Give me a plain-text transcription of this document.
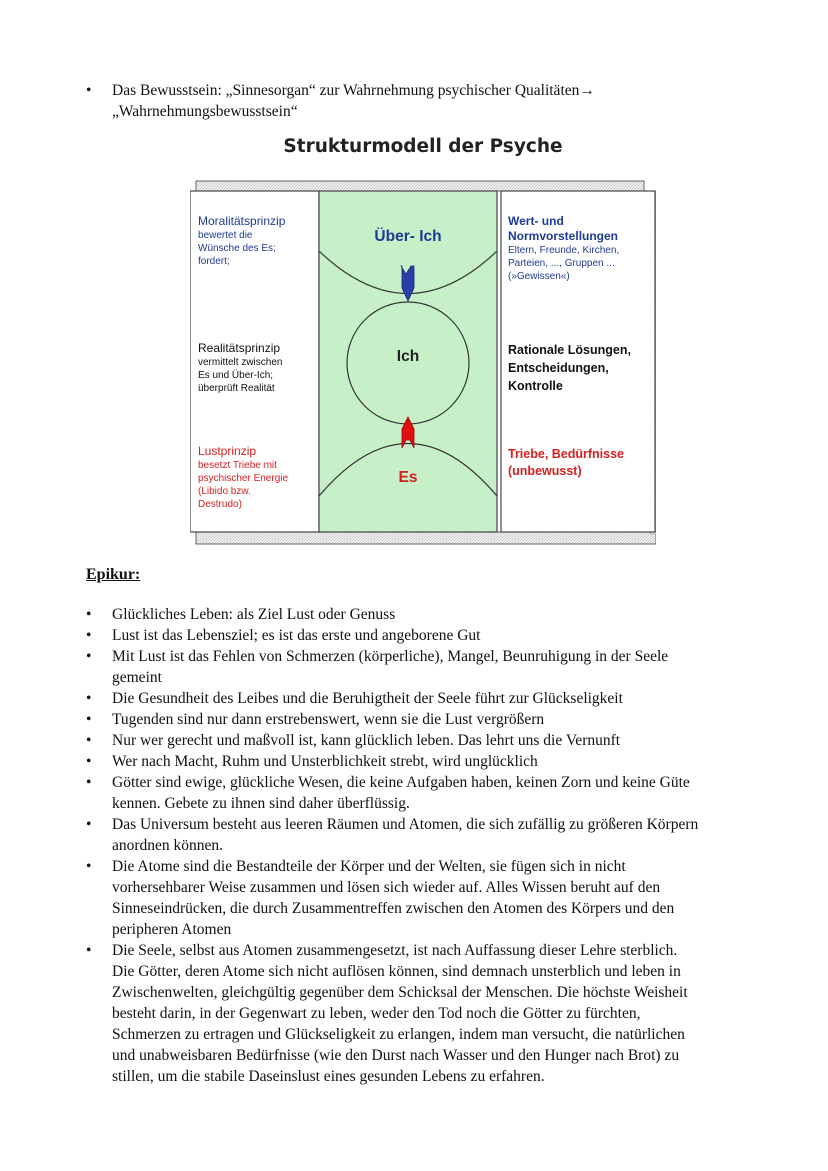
• Das Bewusstsein: „Sinnesorgan“ zur Wahrnehmung psychischer Qualitäten→
„Wahrnehmungsbewusstsein“
Strukturmodell der Psyche
Moralitätsprinzip
bewertet die
Wünsche des Es;
fordert;
Realitätsprinzip
vermittelt zwischen
Es und Über-Ich;
überprüft Realität
Lustprinzip
besetzt Triebe mit
psychischer Energie
(Libido bzw.
Destrudo)
Über- Ich
Ich
Es
Wert- und
Normvorstellungen
Eltern, Freunde, Kirchen,
Parteien, ..., Gruppen ...
(»Gewissen«)
Rationale Lösungen,
Entscheidungen,
Kontrolle
Triebe, Bedürfnisse
(unbewusst)
Epikur:
• Glückliches Leben: als Ziel Lust oder Genuss
• Lust ist das Lebensziel; es ist das erste und angeborene Gut
• Mit Lust ist das Fehlen von Schmerzen (körperliche), Mangel, Beunruhigung in der Seele
gemeint
• Die Gesundheit des Leibes und die Beruhigtheit der Seele führt zur Glückseligkeit
• Tugenden sind nur dann erstrebenswert, wenn sie die Lust vergrößern
• Nur wer gerecht und maßvoll ist, kann glücklich leben. Das lehrt uns die Vernunft
• Wer nach Macht, Ruhm und Unsterblichkeit strebt, wird unglücklich
• Götter sind ewige, glückliche Wesen, die keine Aufgaben haben, keinen Zorn und keine Güte
kennen. Gebete zu ihnen sind daher überflüssig.
• Das Universum besteht aus leeren Räumen und Atomen, die sich zufällig zu größeren Körpern
anordnen können.
• Die Atome sind die Bestandteile der Körper und der Welten, sie fügen sich in nicht
vorhersehbarer Weise zusammen und lösen sich wieder auf. Alles Wissen beruht auf den
Sinneseindrücken, die durch Zusammentreffen zwischen den Atomen des Körpers und den
peripheren Atomen
• Die Seele, selbst aus Atomen zusammengesetzt, ist nach Auffassung dieser Lehre sterblich.
Die Götter, deren Atome sich nicht auflösen können, sind demnach unsterblich und leben in
Zwischenwelten, gleichgültig gegenüber dem Schicksal der Menschen. Die höchste Weisheit
besteht darin, in der Gegenwart zu leben, weder den Tod noch die Götter zu fürchten,
Schmerzen zu ertragen und Glückseligkeit zu erlangen, indem man versucht, die natürlichen
und unabweisbaren Bedürfnisse (wie den Durst nach Wasser und den Hunger nach Brot) zu
stillen, um die stabile Daseinslust eines gesunden Lebens zu erfahren.
